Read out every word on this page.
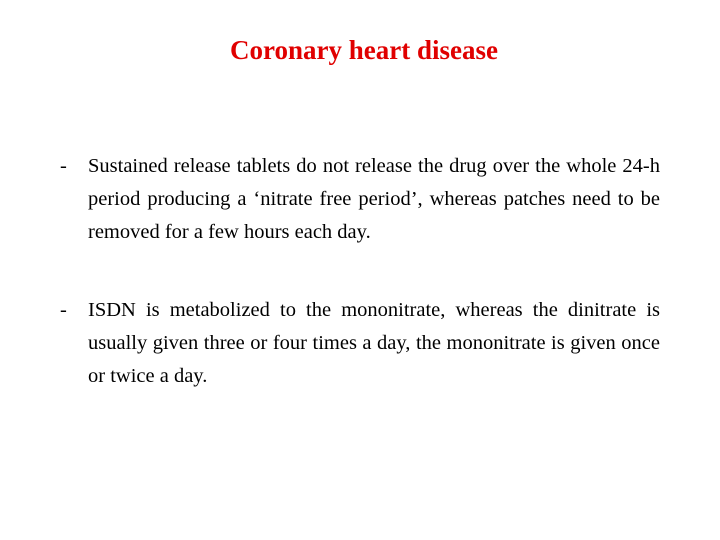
Coronary heart disease
- Sustained release tablets do not release the drug over the whole 24-h period producing a ‘nitrate free period’, whereas patches need to be removed for a few hours each day.
- ISDN is metabolized to the mononitrate, whereas the dinitrate is usually given three or four times a day, the mononitrate is given once or twice a day.
